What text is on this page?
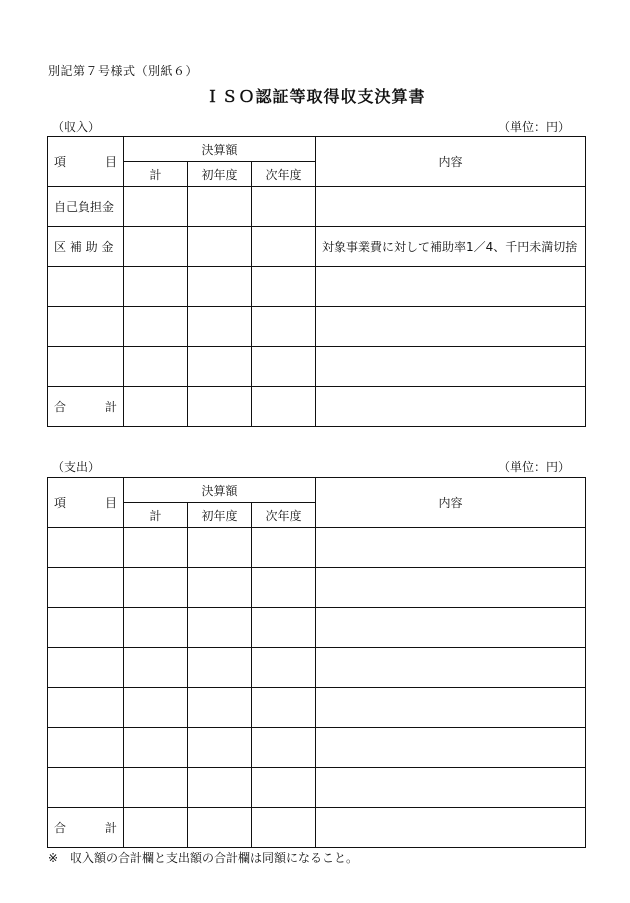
別記第７号様式（別紙６）
ＩＳＯ認証等取得収支決算書
（収入）	（単位：円）
項 目	決算額			内容
	計	初年度	次年度	
自己負担金				
区 補 助 金				対象事業費に対して補助率1／4、千円未満切捨

合 計				

（支出）	（単位：円）
項 目	決算額			内容
	計	初年度	次年度	

合 計				

※　収入額の合計欄と支出額の合計欄は同額になること。
